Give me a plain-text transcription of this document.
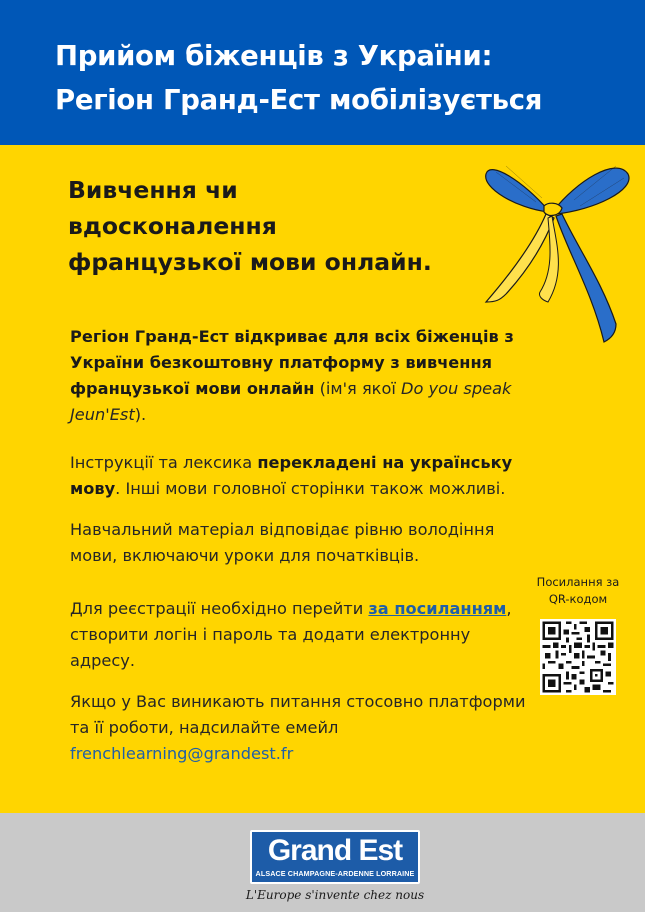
Прийом біженців з України:
Регіон Гранд-Ест мобілізується
Вивчення чи
вдосконалення
французької мови онлайн.

Регіон Гранд-Ест відкриває для всіх біженців з України безкоштовну платформу з вивчення французької мови онлайн (ім'я якої Do you speak Jeun'Est).

Інструкції та лексика перекладені на українську мову. Інші мови головної сторінки також можливі.

Навчальний матеріал відповідає рівню володіння мови, включаючи уроки для початківців.

Для реєстрації необхідно перейти за посиланням, створити логін і пароль та додати електронну адресу.

Якщо у Вас виникають питання стосовно платформи та її роботи, надсилайте емейл frenchlearning@grandest.fr

Посилання за QR-кодом
Grand Est
ALSACE CHAMPAGNE-ARDENNE LORRAINE
L'Europe s'invente chez nous
